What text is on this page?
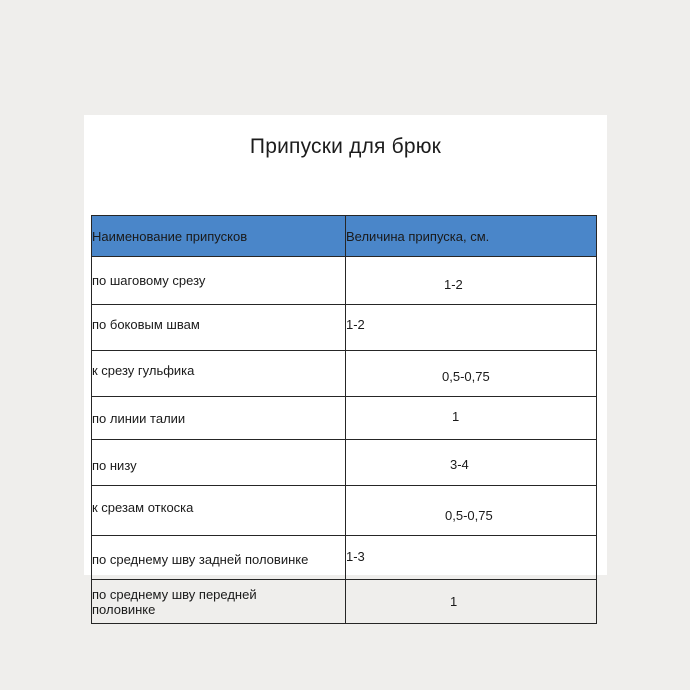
Припуски для брюк
Наименование припусков	Величина припуска, см.
по шаговому срезу	1-2
по боковым швам	1-2
к срезу гульфика	0,5-0,75
по линии талии	1
по низу	3-4
к срезам откоска	0,5-0,75
по среднему шву задней половинке	1-3
по среднему шву передней половинке	1
